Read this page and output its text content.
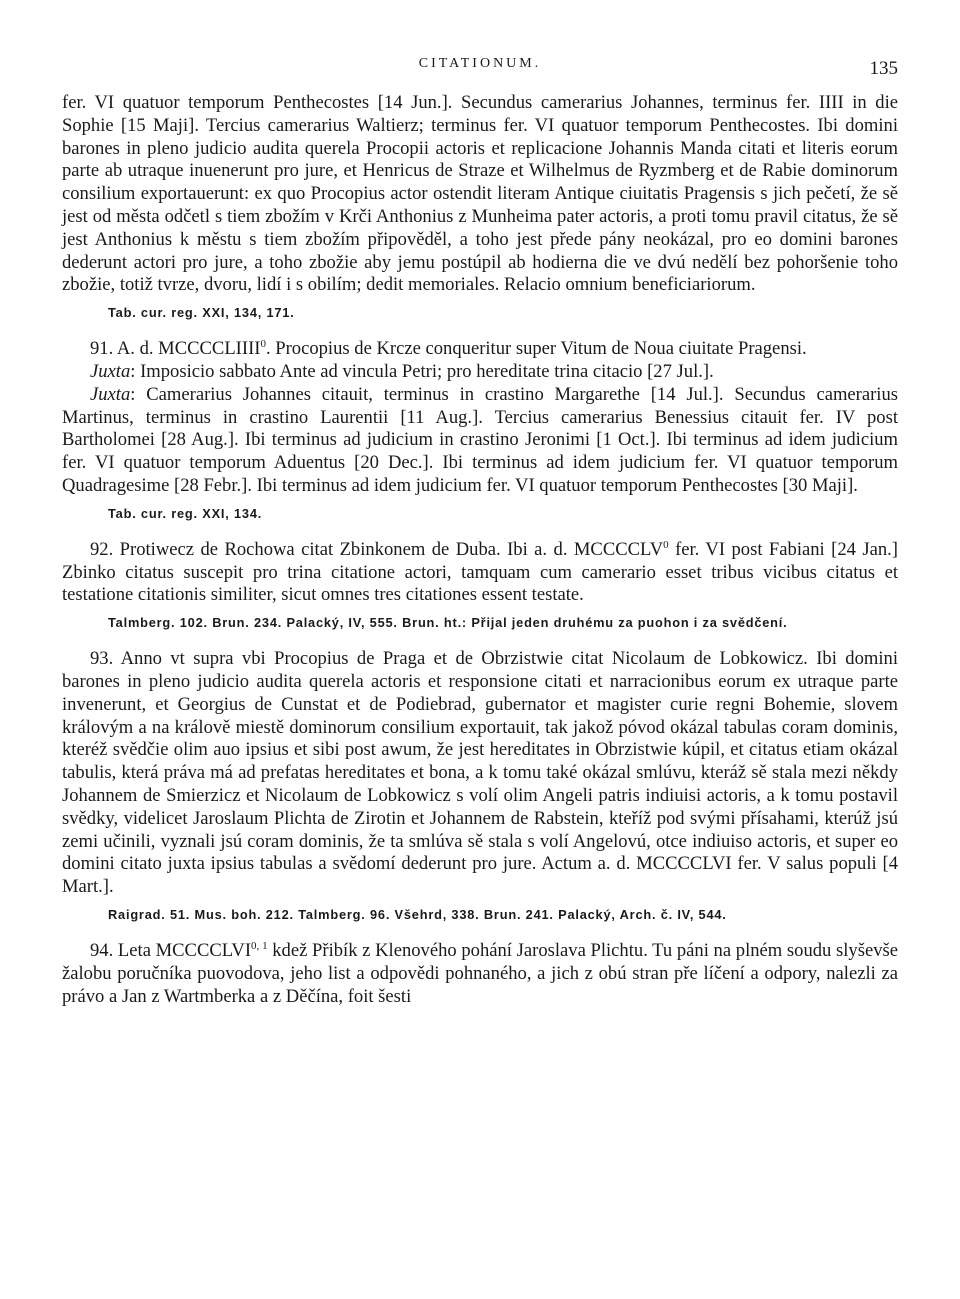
CITATIONUM.	135

fer. VI quatuor temporum Penthecostes [14 Jun.]. Secundus camerarius Johannes, terminus fer. IIII in die Sophie [15 Maji]. Tercius camerarius Waltierz; terminus fer. VI quatuor temporum Penthecostes. Ibi domini barones in pleno judicio audita querela Procopii actoris et replicacione Johannis Manda citati et literis eorum parte ab utraque inuenerunt pro jure, et Henricus de Straze et Wilhelmus de Ryzmberg et de Rabie dominorum consilium exportauerunt: ex quo Procopius actor ostendit literam Antique ciuitatis Pragensis s jich pečetí, že sě jest od města odčetl s tiem zbožím v Krči Anthonius z Munheima pater actoris, a proti tomu pravil citatus, že sě jest Anthonius k městu s tiem zbožím připověděl, a toho jest přede pány neokázal, pro eo domini barones dederunt actori pro jure, a toho zbožie aby jemu postúpil ab hodierna die ve dvú nedělí bez pohoršenie toho zbožie, totiž tvrze, dvoru, lidí i s obilím; dedit memoriales. Relacio omnium beneficiariorum.

Tab. cur. reg. XXI, 134, 171.

91. A. d. MCCCCLIIII$^0$. Procopius de Krcze conqueritur super Vitum de Noua ciuitate Pragensi.

Juxta: Imposicio sabbato Ante ad vincula Petri; pro hereditate trina citacio [27 Jul.].

Juxta: Camerarius Johannes citauit, terminus in crastino Margarethe [14 Jul.]. Secundus camerarius Martinus, terminus in crastino Laurentii [11 Aug.]. Tercius camerarius Benessius citauit fer. IV post Bartholomei [28 Aug.]. Ibi terminus ad judicium in crastino Jeronimi [1 Oct.]. Ibi terminus ad idem judicium fer. VI quatuor temporum Aduentus [20 Dec.]. Ibi terminus ad idem judicium fer. VI quatuor temporum Quadragesime [28 Febr.]. Ibi terminus ad idem judicium fer. VI quatuor temporum Penthecostes [30 Maji].

Tab. cur. reg. XXI, 134.

92. Protiwecz de Rochowa citat Zbinkonem de Duba. Ibi a. d. MCCCCLV$^0$ fer. VI post Fabiani [24 Jan.] Zbinko citatus suscepit pro trina citatione actori, tamquam cum camerario esset tribus vicibus citatus et testatione citationis similiter, sicut omnes tres citationes essent testate.

Talmberg. 102. Brun. 234. Palacký, IV, 555. Brun. ht.: Přijal jeden druhému za puohon i za svědčení.

93. Anno vt supra vbi Procopius de Praga et de Obrzistwie citat Nicolaum de Lobkowicz. Ibi domini barones in pleno judicio audita querela actoris et responsione citati et narracionibus eorum ex utraque parte invenerunt, et Georgius de Cunstat et de Podiebrad, gubernator et magister curie regni Bohemie, slovem královým a na králově miestě dominorum consilium exportauit, tak jakož póvod okázal tabulas coram dominis, kteréž svědčie olim auo ipsius et sibi post awum, že jest hereditates in Obrzistwie kúpil, et citatus etiam okázal tabulis, která práva má ad prefatas hereditates et bona, a k tomu také okázal smlúvu, kteráž sě stala mezi někdy Johannem de Smierzicz et Nicolaum de Lobkowicz s volí olim Angeli patris indiuisi actoris, a k tomu postavil svědky, videlicet Jaroslaum Plichta de Zirotin et Johannem de Rabstein, kteříž pod svými přísahami, kterúž jsú zemi učinili, vyznali jsú coram dominis, že ta smlúva sě stala s volí Angelovú, otce indiuiso actoris, et super eo domini citato juxta ipsius tabulas a svědomí dederunt pro jure. Actum a. d. MCCCCLVI fer. V salus populi [4 Mart.].

Raigrad. 51. Mus. boh. 212. Talmberg. 96. Všehrd, 338. Brun. 241. Palacký, Arch. č. IV, 544.

94. Leta MCCCCLVI$^{0, 1}$ kdež Přibík z Klenového pohání Jaroslava Plichtu. Tu páni na plném soudu slyševše žalobu poručníka puovodova, jeho list a odpovědi pohnaného, a jich z obú stran pře líčení a odpory, nalezli za právo a Jan z Wartmberka a z Děčína, foit šesti
